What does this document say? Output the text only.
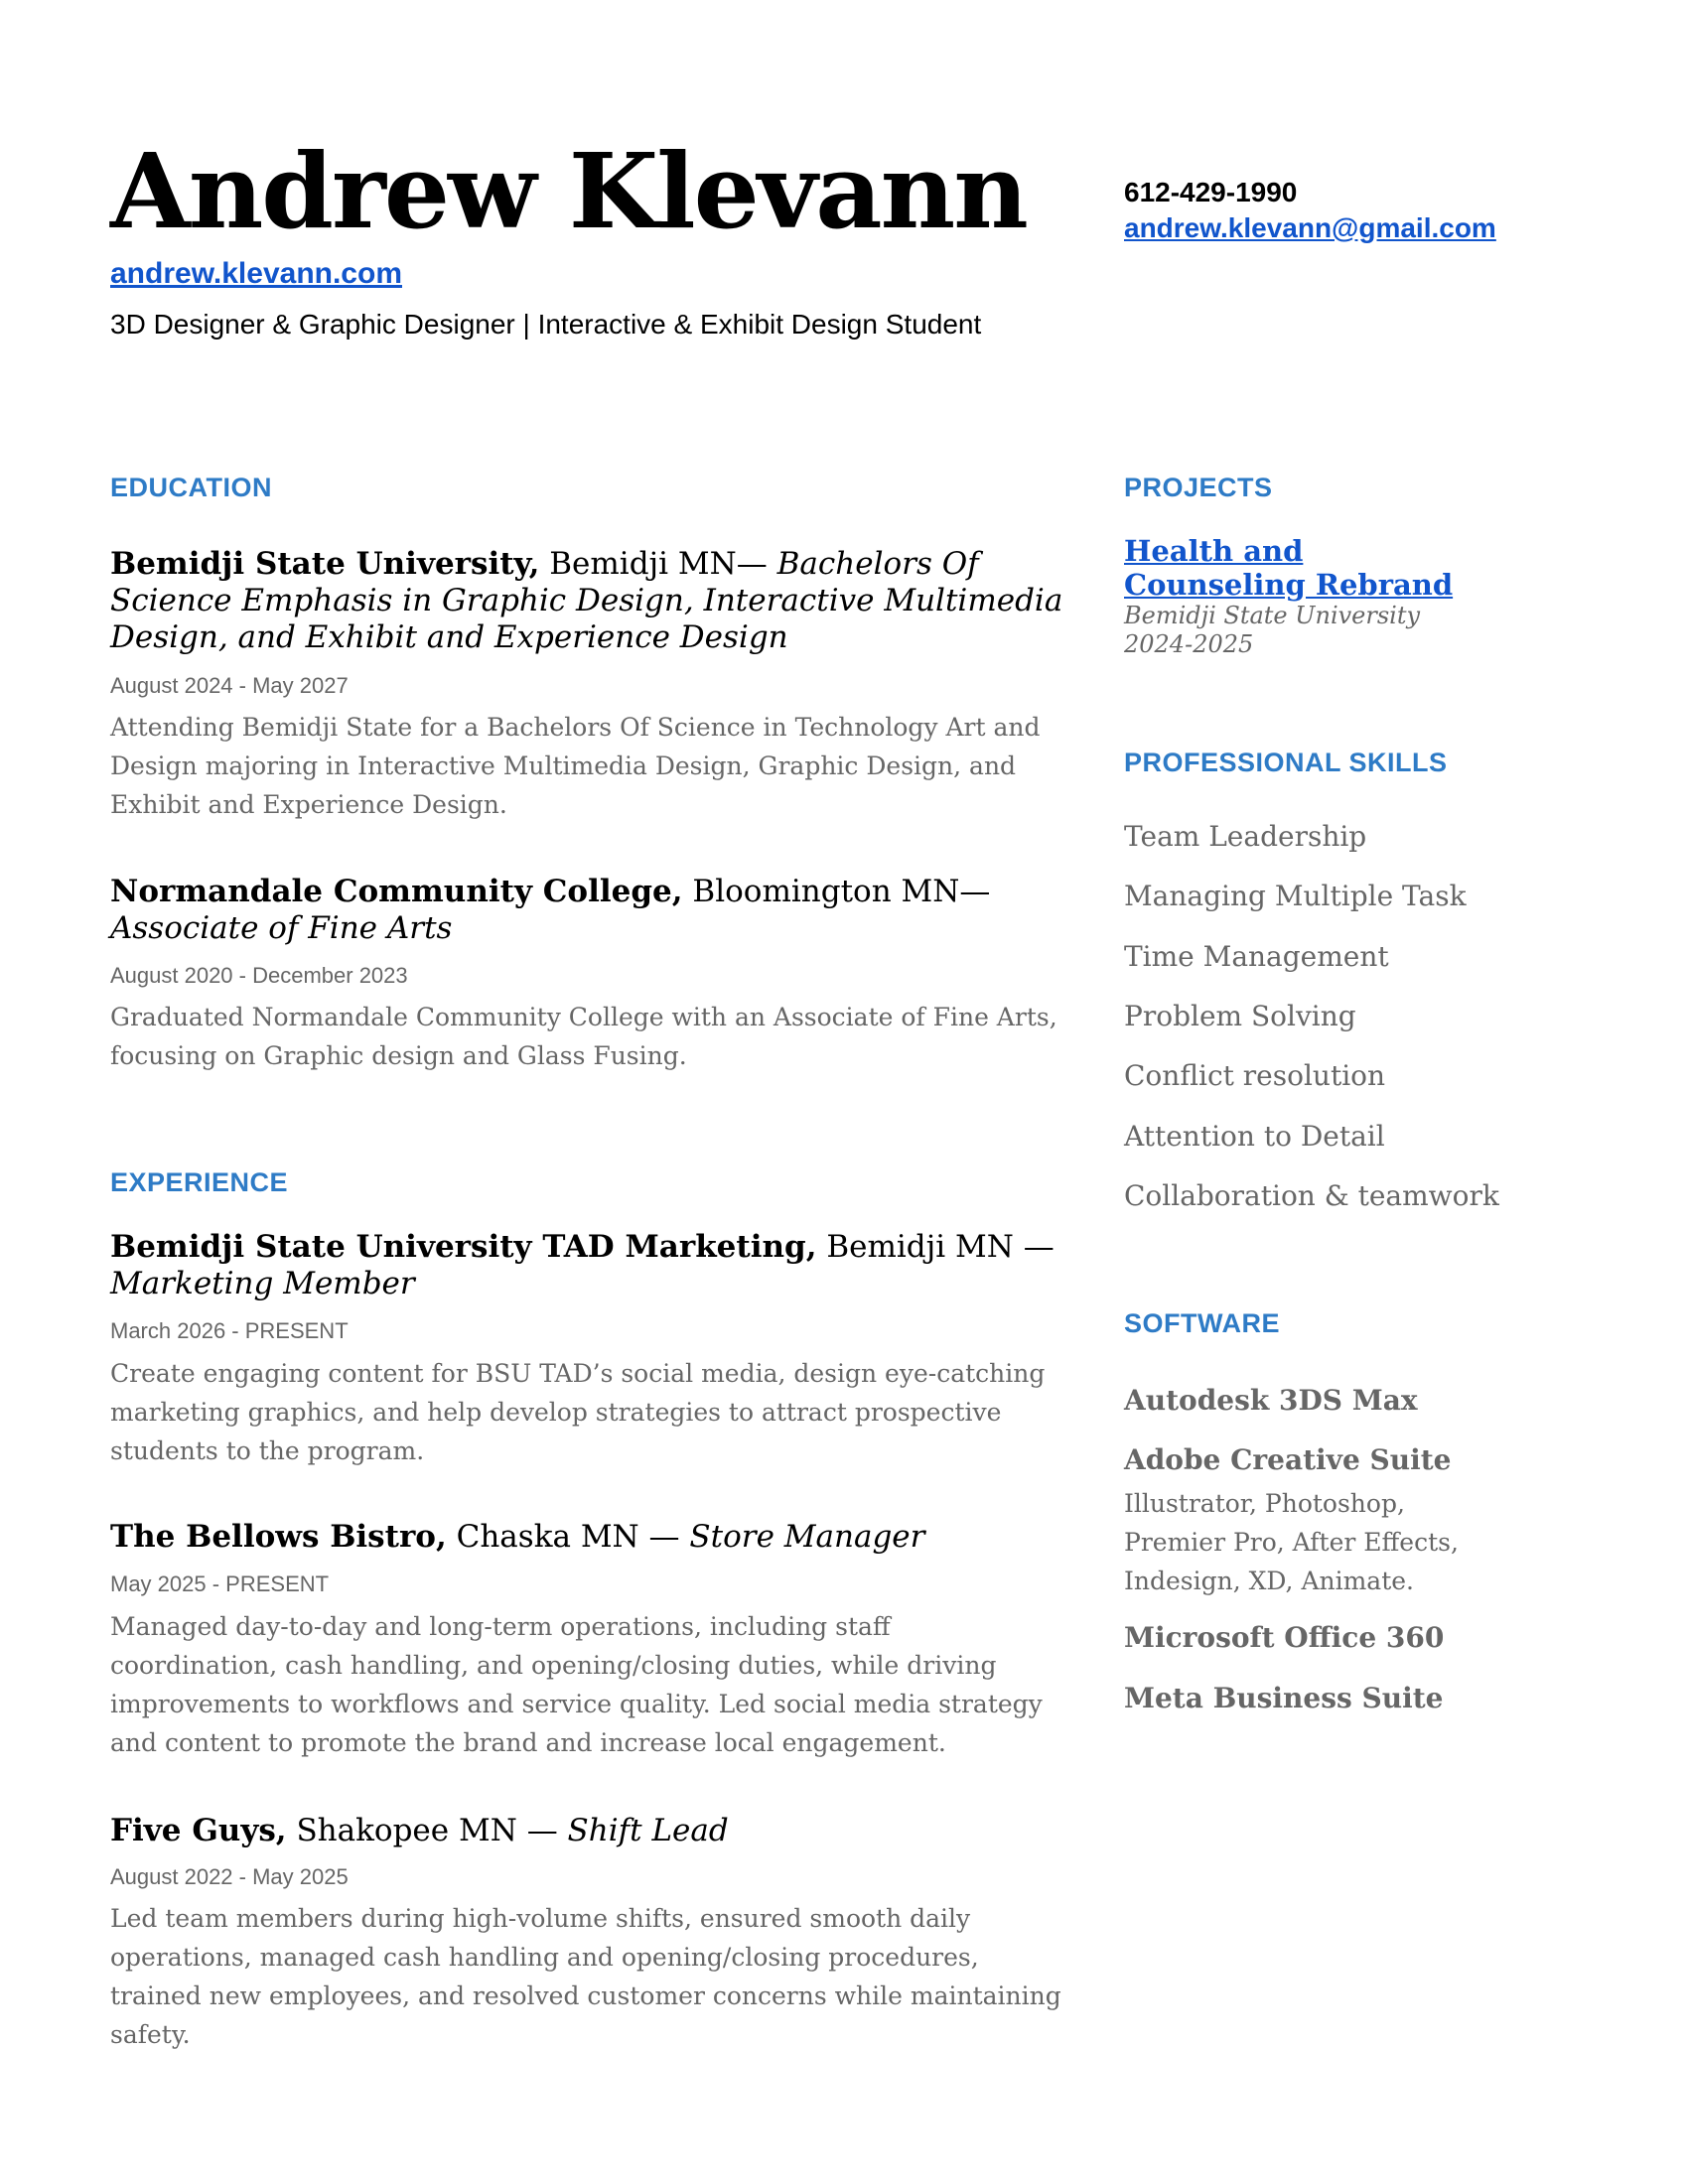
Andrew Klevann
andrew.klevann.com
3D Designer & Graphic Designer | Interactive & Exhibit Design Student
612-429-1990
andrew.klevann@gmail.com
EDUCATION
Bemidji State University, Bemidji MN— Bachelors Of Science Emphasis in Graphic Design, Interactive Multimedia Design, and Exhibit and Experience Design
August 2024 - May 2027
Attending Bemidji State for a Bachelors Of Science in Technology Art and Design majoring in Interactive Multimedia Design, Graphic Design, and Exhibit and Experience Design.
Normandale Community College, Bloomington MN— Associate of Fine Arts
August 2020 - December 2023
Graduated Normandale Community College with an Associate of Fine Arts, focusing on Graphic design and Glass Fusing.
EXPERIENCE
Bemidji State University TAD Marketing, Bemidji MN — Marketing Member
March 2026 - PRESENT
Create engaging content for BSU TAD’s social media, design eye-catching marketing graphics, and help develop strategies to attract prospective students to the program.
The Bellows Bistro, Chaska MN — Store Manager
May 2025 - PRESENT
Managed day-to-day and long-term operations, including staff coordination, cash handling, and opening/closing duties, while driving improvements to workflows and service quality. Led social media strategy and content to promote the brand and increase local engagement.
Five Guys, Shakopee MN — Shift Lead
August 2022 - May 2025
Led team members during high-volume shifts, ensured smooth daily operations, managed cash handling and opening/closing procedures, trained new employees, and resolved customer concerns while maintaining safety.
PROJECTS
Health and Counseling Rebrand
Bemidji State University
2024-2025
PROFESSIONAL SKILLS
Team Leadership
Managing Multiple Task
Time Management
Problem Solving
Conflict resolution
Attention to Detail
Collaboration & teamwork
SOFTWARE
Autodesk 3DS Max
Adobe Creative Suite
Illustrator, Photoshop, Premier Pro, After Effects, Indesign, XD, Animate.
Microsoft Office 360
Meta Business Suite
